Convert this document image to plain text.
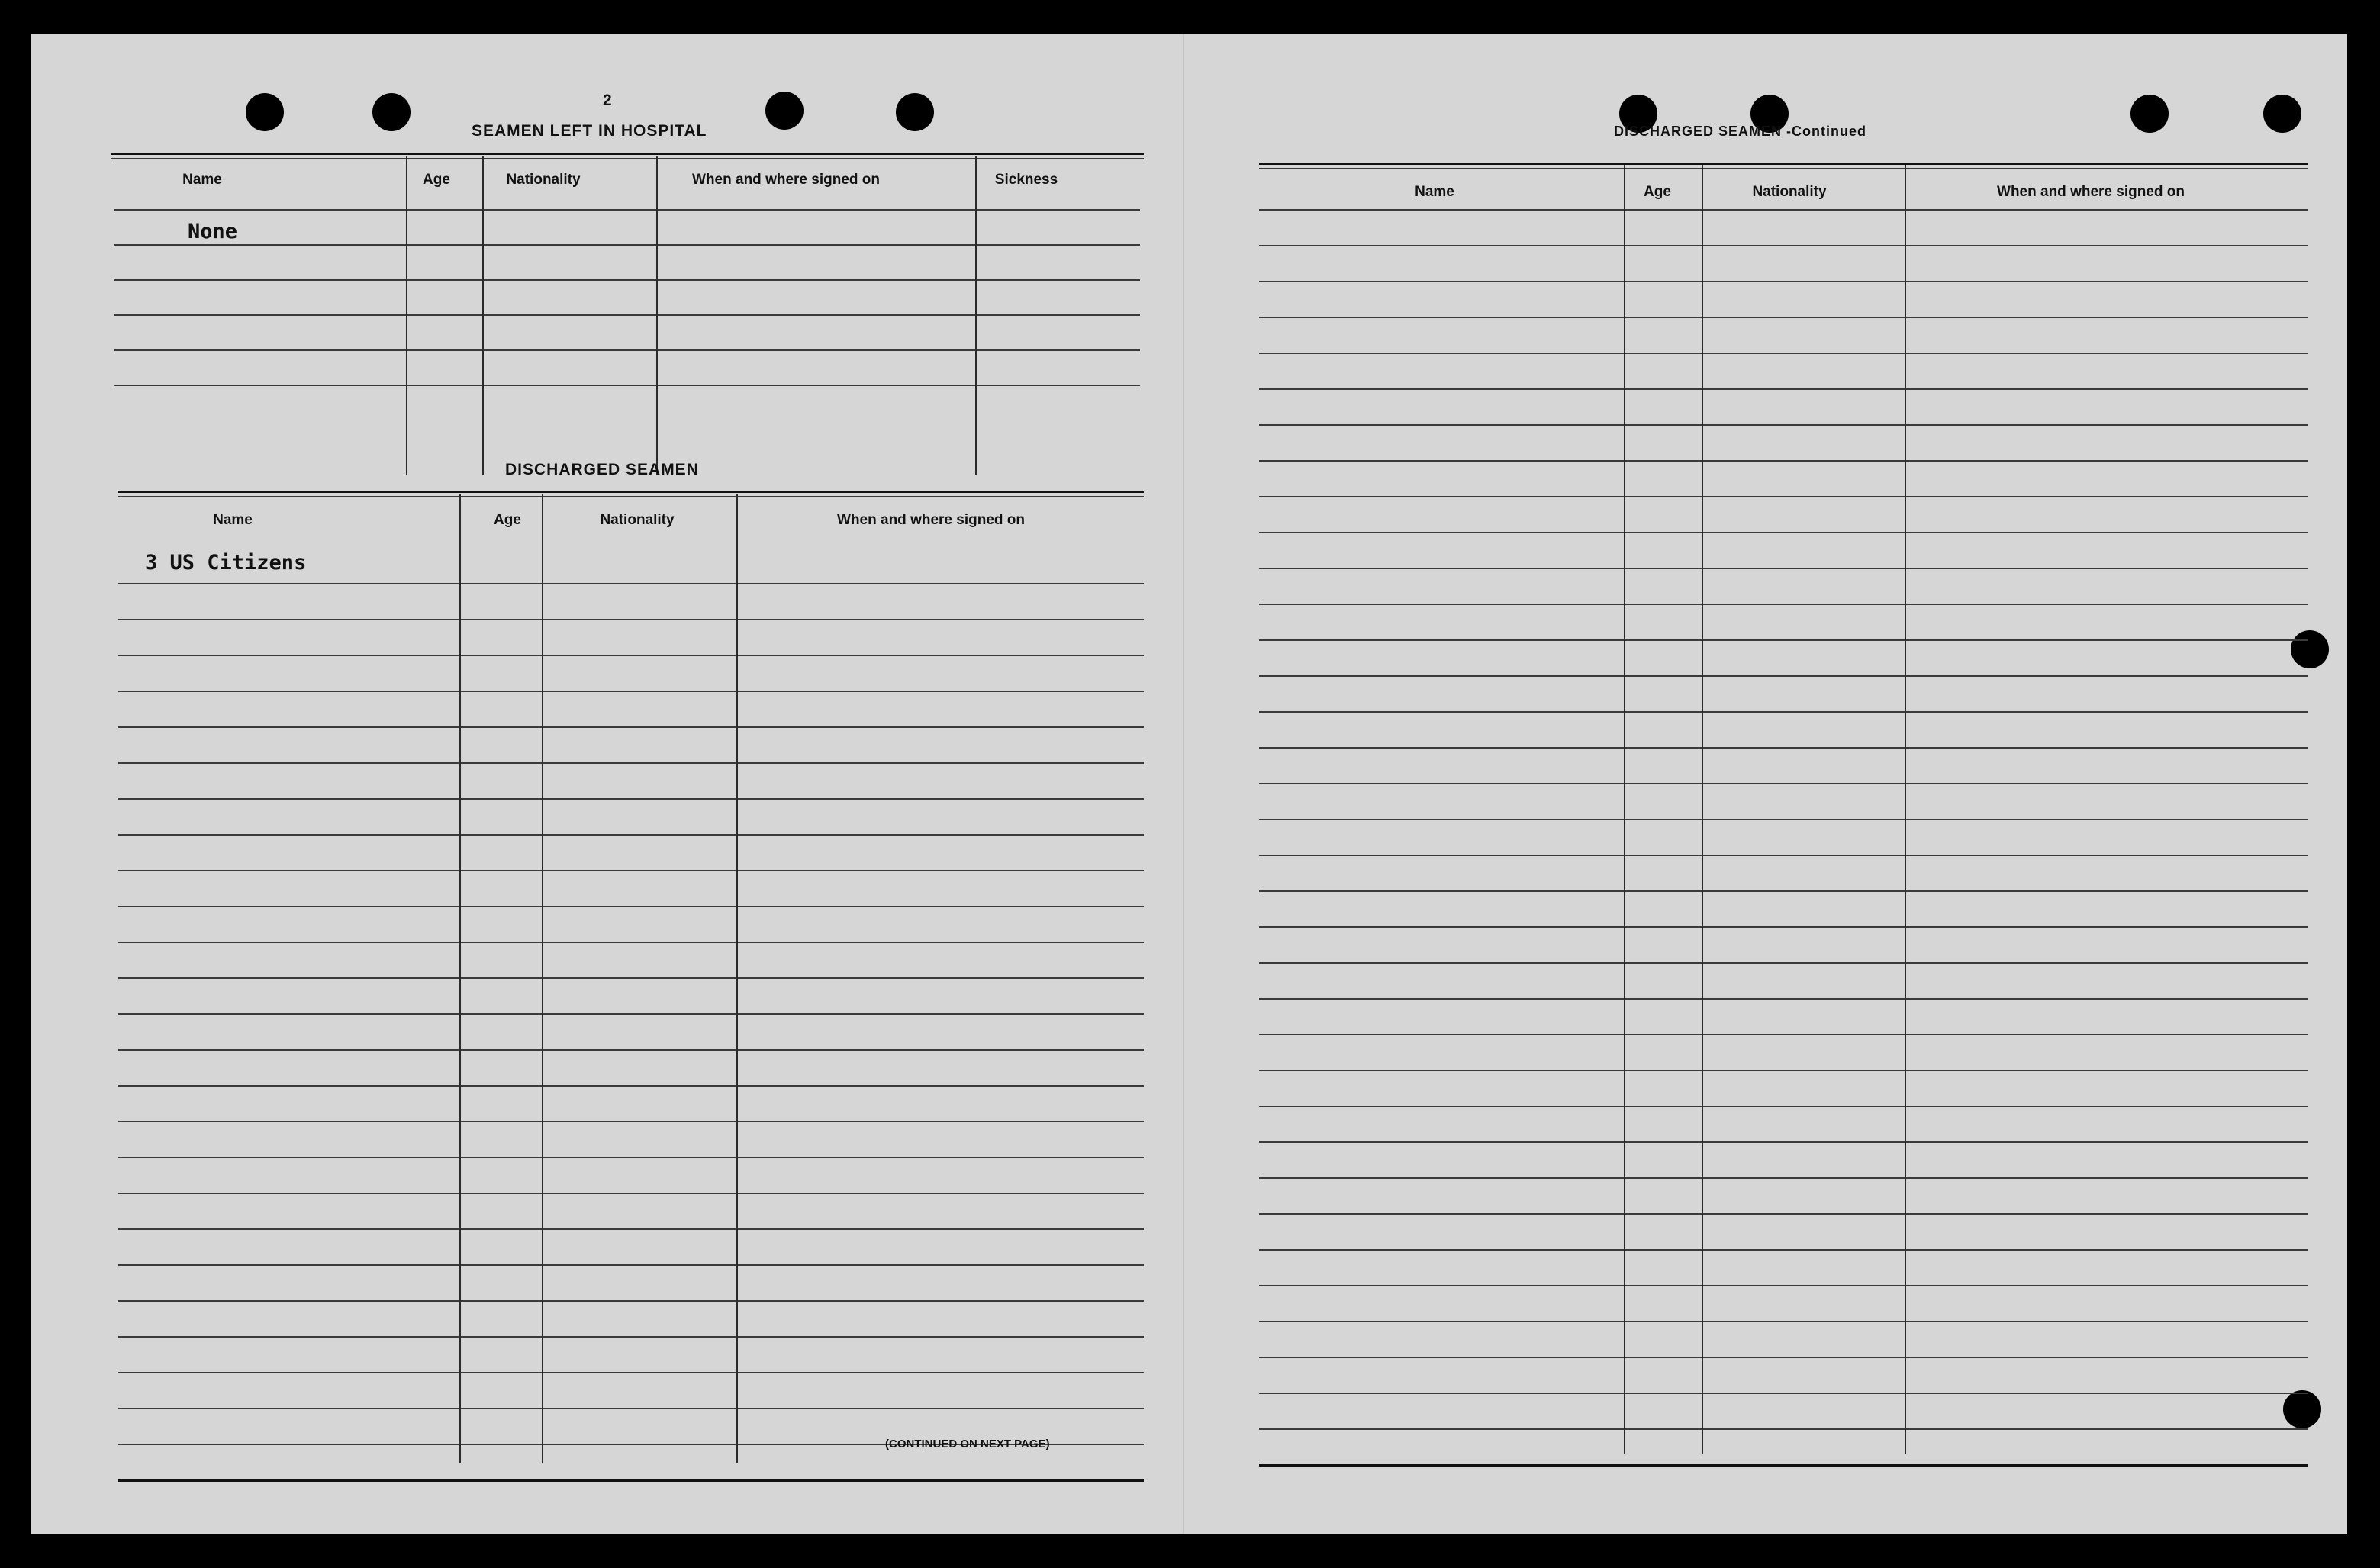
2
SEAMEN LEFT IN HOSPITAL
Name	Age	Nationality	When and where signed on	Sickness
None
DISCHARGED SEAMEN
Name	Age	Nationality	When and where signed on
3 US Citizens
(CONTINUED ON NEXT PAGE)
DISCHARGED SEAMEN -Continued
Name	Age	Nationality	When and where signed on
